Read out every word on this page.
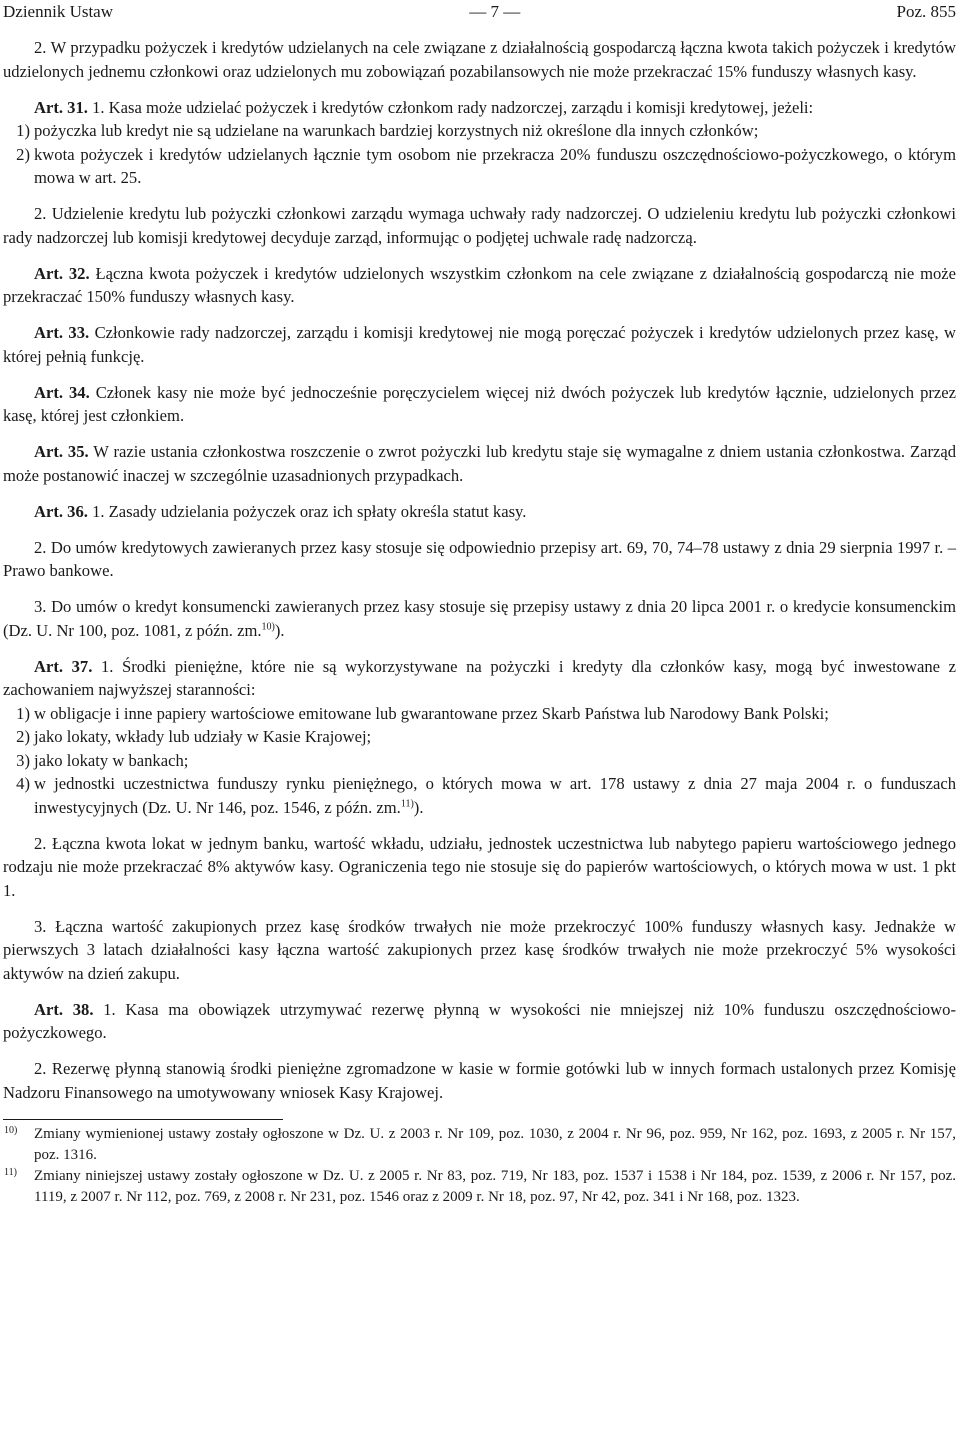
Dziennik Ustaw	— 7 —	Poz. 855

2. W przypadku pożyczek i kredytów udzielanych na cele związane z działalnością gospodarczą łączna kwota takich pożyczek i kredytów udzielonych jednemu członkowi oraz udzielonych mu zobowiązań pozabilansowych nie może przekraczać 15% funduszy własnych kasy.

Art. 31. 1. Kasa może udzielać pożyczek i kredytów członkom rady nadzorczej, zarządu i komisji kredytowej, jeżeli:

1) pożyczka lub kredyt nie są udzielane na warunkach bardziej korzystnych niż określone dla innych członków;
2) kwota pożyczek i kredytów udzielanych łącznie tym osobom nie przekracza 20% funduszu oszczędnościowo-pożyczkowego, o którym mowa w art. 25.

2. Udzielenie kredytu lub pożyczki członkowi zarządu wymaga uchwały rady nadzorczej. O udzieleniu kredytu lub pożyczki członkowi rady nadzorczej lub komisji kredytowej decyduje zarząd, informując o podjętej uchwale radę nadzorczą.

Art. 32. Łączna kwota pożyczek i kredytów udzielonych wszystkim członkom na cele związane z działalnością gospodarczą nie może przekraczać 150% funduszy własnych kasy.

Art. 33. Członkowie rady nadzorczej, zarządu i komisji kredytowej nie mogą poręczać pożyczek i kredytów udzielonych przez kasę, w której pełnią funkcję.

Art. 34. Członek kasy nie może być jednocześnie poręczycielem więcej niż dwóch pożyczek lub kredytów łącznie, udzielonych przez kasę, której jest członkiem.

Art. 35. W razie ustania członkostwa roszczenie o zwrot pożyczki lub kredytu staje się wymagalne z dniem ustania członkostwa. Zarząd może postanowić inaczej w szczególnie uzasadnionych przypadkach.

Art. 36. 1. Zasady udzielania pożyczek oraz ich spłaty określa statut kasy.

2. Do umów kredytowych zawieranych przez kasy stosuje się odpowiednio przepisy art. 69, 70, 74–78 ustawy z dnia 29 sierpnia 1997 r. – Prawo bankowe.

3. Do umów o kredyt konsumencki zawieranych przez kasy stosuje się przepisy ustawy z dnia 20 lipca 2001 r. o kredycie konsumenckim (Dz. U. Nr 100, poz. 1081, z późn. zm.$^{10)}$).

Art. 37. 1. Środki pieniężne, które nie są wykorzystywane na pożyczki i kredyty dla członków kasy, mogą być inwestowane z zachowaniem najwyższej staranności:

1) w obligacje i inne papiery wartościowe emitowane lub gwarantowane przez Skarb Państwa lub Narodowy Bank Polski;
2) jako lokaty, wkłady lub udziały w Kasie Krajowej;
3) jako lokaty w bankach;
4) w jednostki uczestnictwa funduszy rynku pieniężnego, o których mowa w art. 178 ustawy z dnia 27 maja 2004 r. o funduszach inwestycyjnych (Dz. U. Nr 146, poz. 1546, z późn. zm.$^{11)}$).

2. Łączna kwota lokat w jednym banku, wartość wkładu, udziału, jednostek uczestnictwa lub nabytego papieru wartościowego jednego rodzaju nie może przekraczać 8% aktywów kasy. Ograniczenia tego nie stosuje się do papierów wartościowych, o których mowa w ust. 1 pkt 1.

3. Łączna wartość zakupionych przez kasę środków trwałych nie może przekroczyć 100% funduszy własnych kasy. Jednakże w pierwszych 3 latach działalności kasy łączna wartość zakupionych przez kasę środków trwałych nie może przekroczyć 5% wysokości aktywów na dzień zakupu.

Art. 38. 1. Kasa ma obowiązek utrzymywać rezerwę płynną w wysokości nie mniejszej niż 10% funduszu oszczędnościowo-pożyczkowego.

2. Rezerwę płynną stanowią środki pieniężne zgromadzone w kasie w formie gotówki lub w innych formach ustalonych przez Komisję Nadzoru Finansowego na umotywowany wniosek Kasy Krajowej.

10)	Zmiany wymienionej ustawy zostały ogłoszone w Dz. U. z 2003 r. Nr 109, poz. 1030, z 2004 r. Nr 96, poz. 959, Nr 162, poz. 1693, z 2005 r. Nr 157, poz. 1316.
11)	Zmiany niniejszej ustawy zostały ogłoszone w Dz. U. z 2005 r. Nr 83, poz. 719, Nr 183, poz. 1537 i 1538 i Nr 184, poz. 1539, z 2006 r. Nr 157, poz. 1119, z 2007 r. Nr 112, poz. 769, z 2008 r. Nr 231, poz. 1546 oraz z 2009 r. Nr 18, poz. 97, Nr 42, poz. 341 i Nr 168, poz. 1323.
